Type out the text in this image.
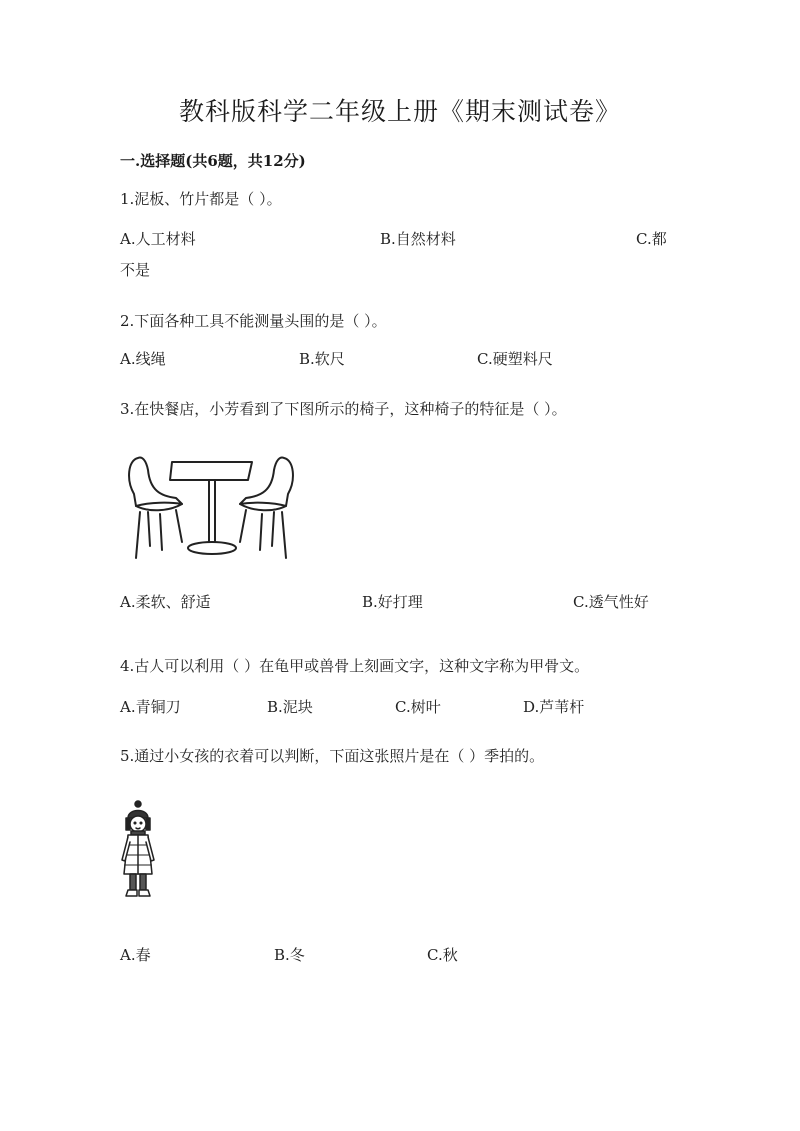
教科版科学二年级上册《期末测试卷》
一.选择题(共6题，共12分)
1.泥板、竹片都是（ ）。
A.人工材料	B.自然材料	C.都
不是
2.下面各种工具不能测量头围的是（ ）。
A.线绳	B.软尺	C.硬塑料尺
3.在快餐店，小芳看到了下图所示的椅子，这种椅子的特征是（ ）。
A.柔软、舒适	B.好打理	C.透气性好
4.古人可以利用（ ）在龟甲或兽骨上刻画文字，这种文字称为甲骨文。
A.青铜刀	B.泥块	C.树叶	D.芦苇杆
5.通过小女孩的衣着可以判断，下面这张照片是在（ ）季拍的。
A.春	B.冬	C.秋
